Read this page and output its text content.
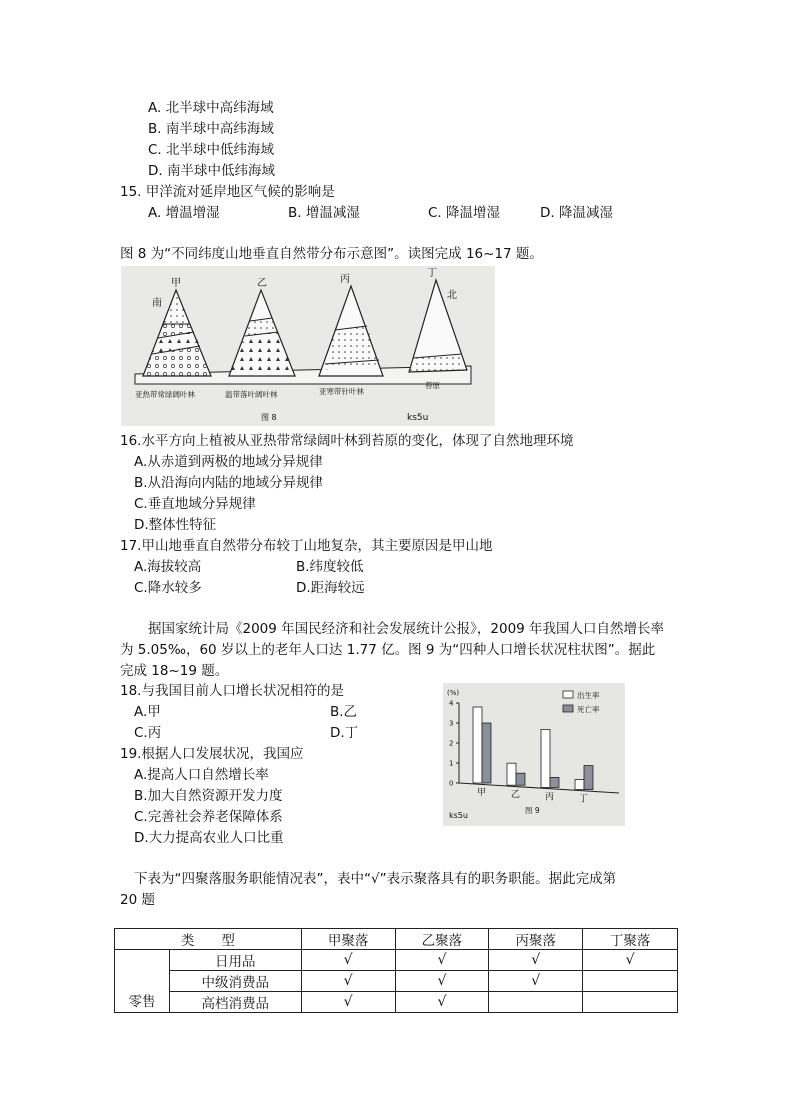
A. 北半球中高纬海域
B. 南半球中高纬海域
C. 北半球中低纬海域
D. 南半球中低纬海域
15. 甲洋流对延岸地区气候的影响是
A. 增温增湿	B. 增温减湿	C. 降温增湿	D. 降温减湿
图 8 为“不同纬度山地垂直自然带分布示意图”。读图完成 16~17 题。
甲	乙	丙
丁
南
北
亚热带常绿阔叶林	温带落叶阔叶林	亚寒带针叶林
苔原
图 8	ks5u
16.水平方向上植被从亚热带常绿阔叶林到苔原的变化，体现了自然地理环境
A.从赤道到两极的地域分异规律
B.从沿海向内陆的地域分异规律
C.垂直地域分异规律
D.整体性特征
17.甲山地垂直自然带分布较丁山地复杂，其主要原因是甲山地
A.海拔较高	B.纬度较低
C.降水较多	D.距海较远
据国家统计局《2009 年国民经济和社会发展统计公报》，2009 年我国人口自然增长率
为 5.05‰，60 岁以上的老年人口达 1.77 亿。图 9 为“四种人口增长状况柱状图”。据此
完成 18~19 题。
18.与我国目前人口增长状况相符的是
A.甲	B.乙
C.丙	D.丁
19.根据人口发展状况，我国应
A.提高人口自然增长率
B.加大自然资源开发力度
C.完善社会养老保障体系
D.大力提高农业人口比重
(%)
0
1
2
3
4
甲	乙	丙	丁
出生率
死亡率
ks5u
图 9
下表为“四聚落服务职能情况表”，表中“√”表示聚落具有的职务职能。据此完成第
20 题
类　　型		甲聚落	乙聚落	丙聚落	丁聚落
零售	日用品	√	√	√	√
	中级消费品	√	√	√	
	高档消费品	√	√		
